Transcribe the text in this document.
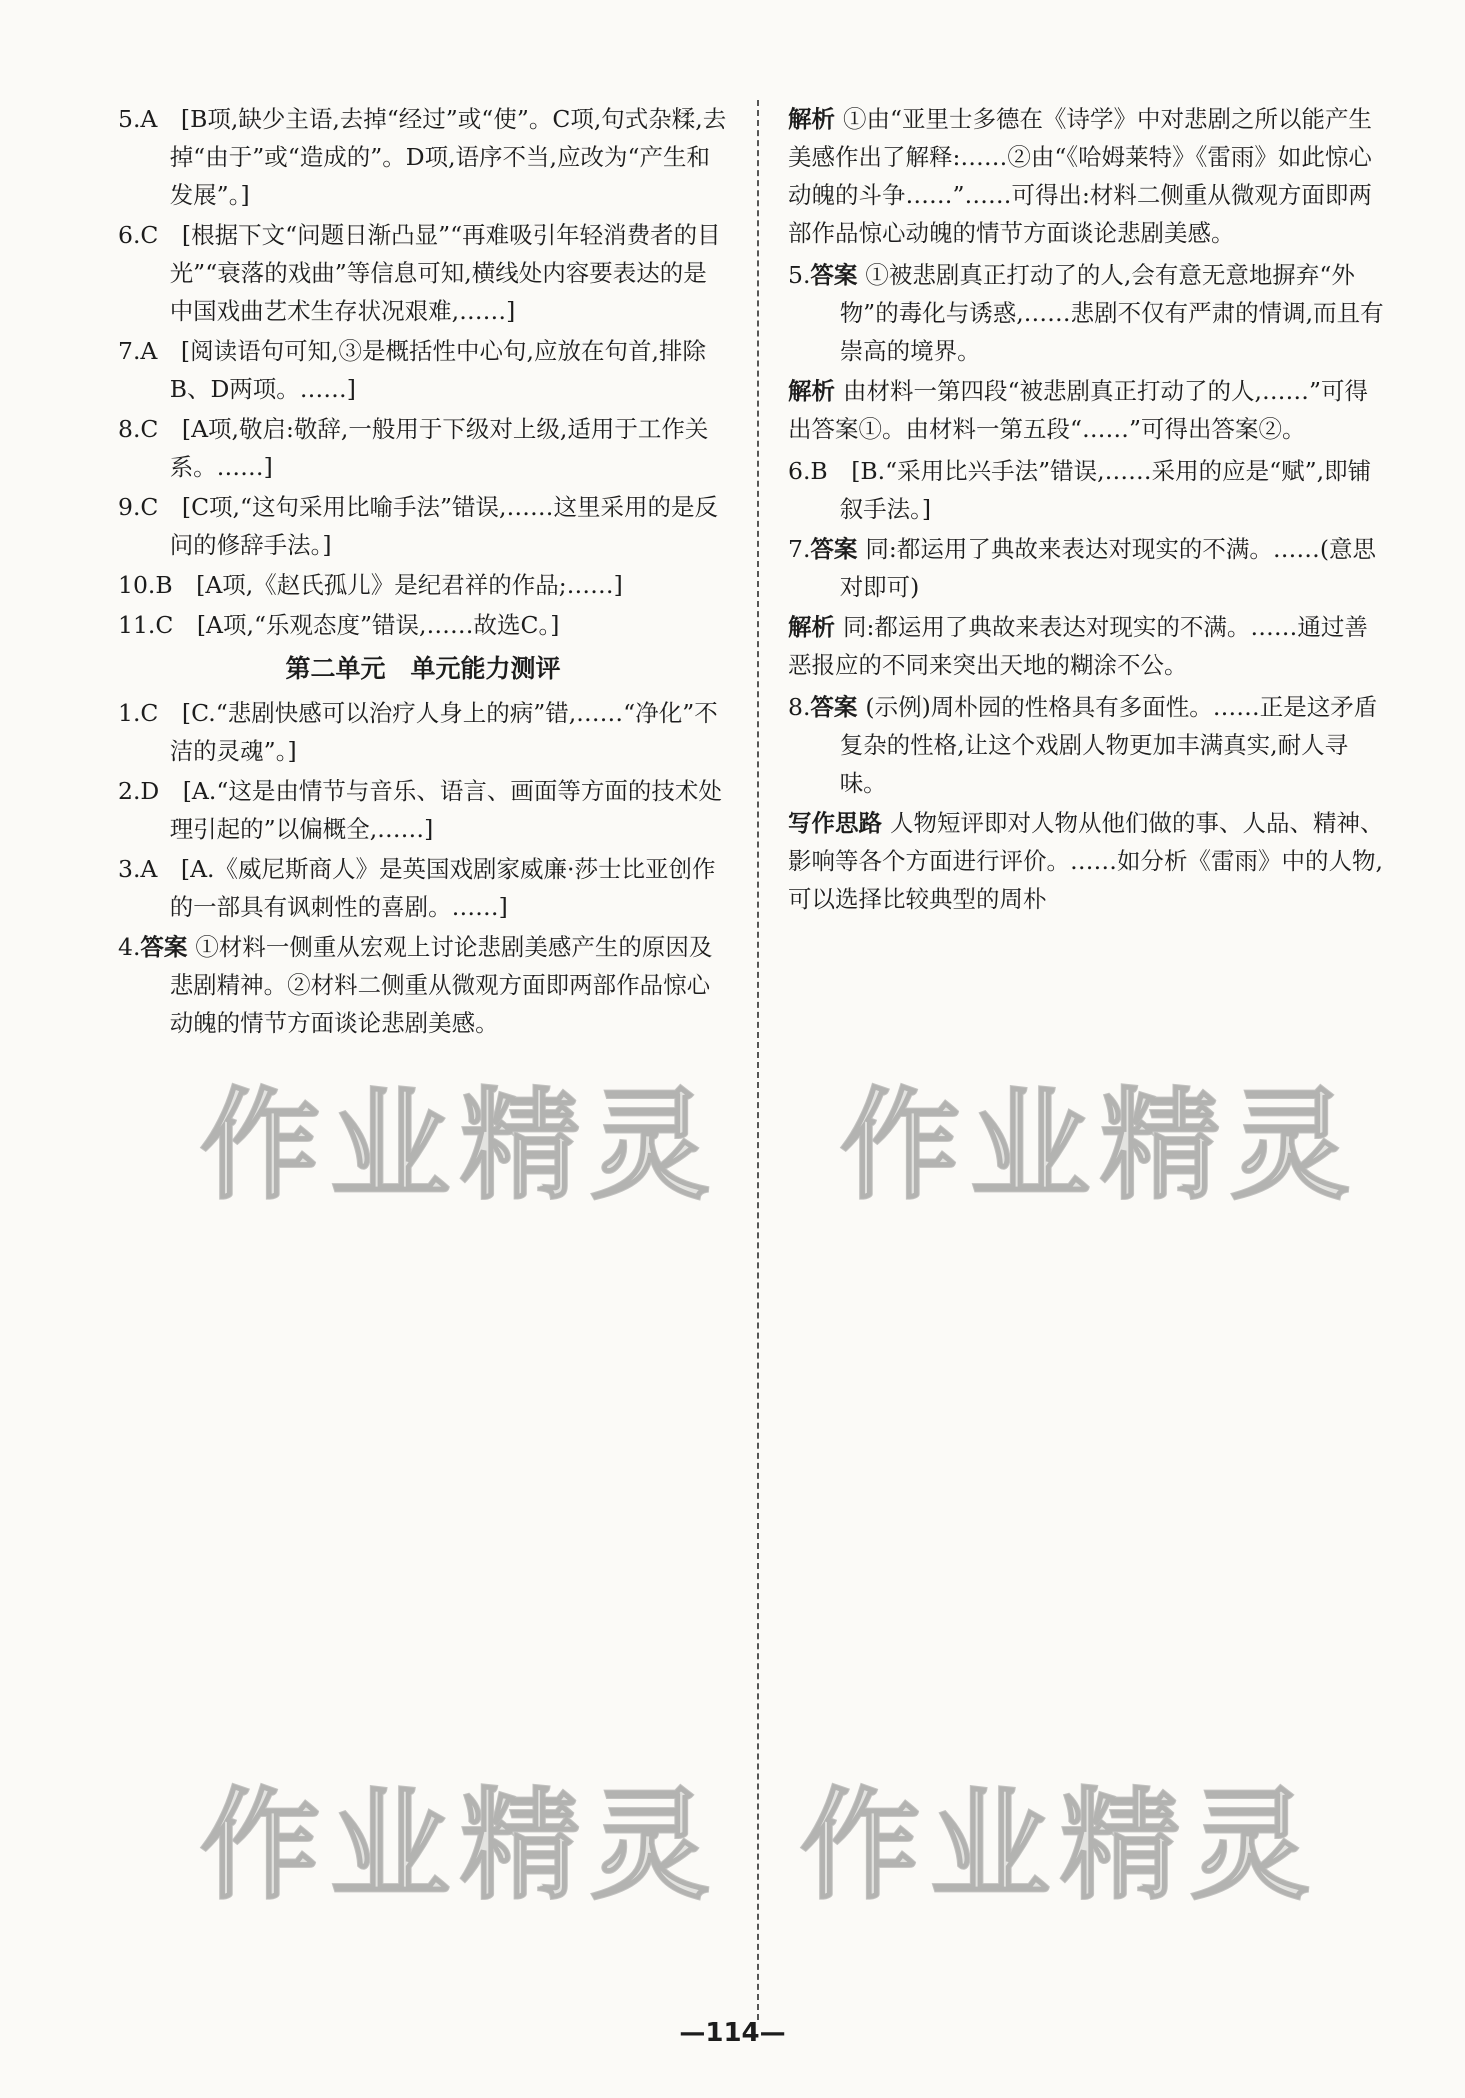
5.A　 [B项,缺少主语,去掉“经过”或“使”。C项,句式杂糅,去掉“由于”或“造成的”。D项,语序不当,应改为“产生和发展”。]

6.C　 [根据下文“问题日渐凸显”“再难吸引年轻消费者的目光”“衰落的戏曲”等信息可知,横线处内容要表达的是中国戏曲艺术生存状况艰难,……]

7.A　 [阅读语句可知,③是概括性中心句,应放在句首,排除B、D两项。……]

8.C　 [A项,敬启:敬辞,一般用于下级对上级,适用于工作关系。……]

9.C　 [C项,“这句采用比喻手法”错误,……这里采用的是反问的修辞手法。]

10.B　 [A项,《赵氏孤儿》是纪君祥的作品;……]

11.C　 [A项,“乐观态度”错误,……故选C。]

第二单元　单元能力测评

1.C　 [C.“悲剧快感可以治疗人身上的病”错,……“净化”不洁的灵魂”。]

2.D　 [A.“这是由情节与音乐、语言、画面等方面的技术处理引起的”以偏概全,……]

3.A　 [A.《威尼斯商人》是英国戏剧家威廉·莎士比亚创作的一部具有讽刺性的喜剧。……]

4.答案 ①材料一侧重从宏观上讨论悲剧美感产生的原因及悲剧精神。②材料二侧重从微观方面即两部作品惊心动魄的情节方面谈论悲剧美感。

解析 ①由“亚里士多德在《诗学》中对悲剧之所以能产生美感作出了解释:……②由“《哈姆莱特》《雷雨》如此惊心动魄的斗争……”……可得出:材料二侧重从微观方面即两部作品惊心动魄的情节方面谈论悲剧美感。

5.答案 ①被悲剧真正打动了的人,会有意无意地摒弃“外物”的毒化与诱惑,……悲剧不仅有严肃的情调,而且有崇高的境界。

解析 由材料一第四段“被悲剧真正打动了的人,……”可得出答案①。由材料一第五段“……”可得出答案②。

6.B　 [B.“采用比兴手法”错误,……采用的应是“赋”,即铺叙手法。]

7.答案 同:都运用了典故来表达对现实的不满。……(意思对即可)

解析 同:都运用了典故来表达对现实的不满。……通过善恶报应的不同来突出天地的糊涂不公。

8.答案 (示例)周朴园的性格具有多面性。……正是这矛盾复杂的性格,让这个戏剧人物更加丰满真实,耐人寻味。

写作思路 人物短评即对人物从他们做的事、人品、精神、影响等各个方面进行评价。……如分析《雷雨》中的人物,可以选择比较典型的周朴

作业精灵
作业精灵
作业精灵
作业精灵
—114—
